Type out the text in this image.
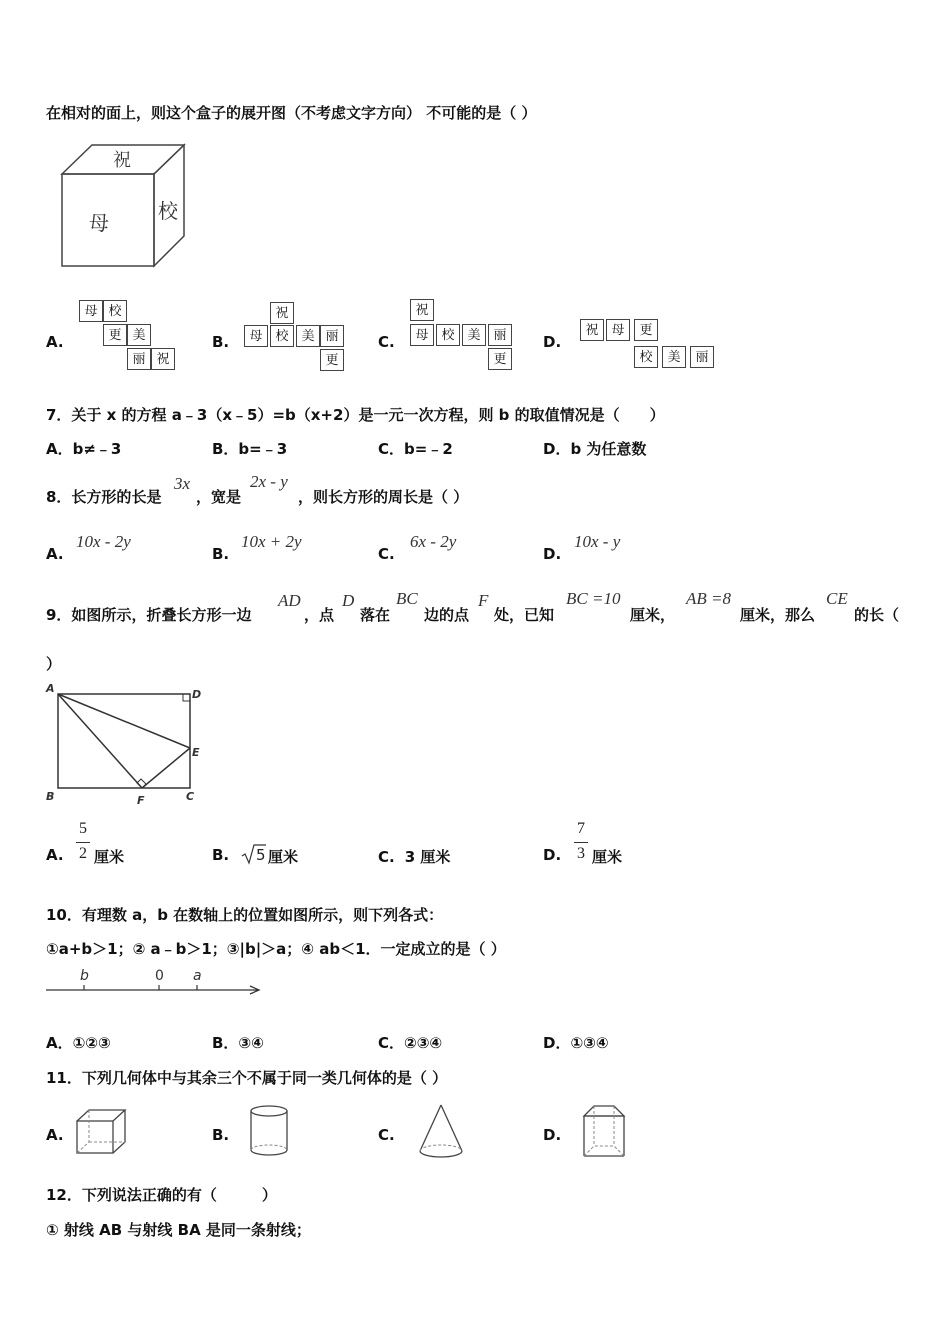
在相对的面上，则这个盒子的展开图（不考虑文字方向） 不可能的是（ ）
祝
母 校
A.
母 校
更 美
丽 祝
B.
祝
母 校 美 丽
更
C.
祝
母 校 美 丽
更
D.
祝 母	更
校	美	丽
7．关于 x 的方程 a﹣3（x﹣5）=b（x+2）是一元一次方程，则 b 的取值情况是（　　）
A．b≠﹣3	B．b=﹣3	C．b=﹣2	D．b 为任意数
8．长方形的长是
3x
，宽是
2x - y
，则长方形的周长是（ ）
A.
10x - 2y
B.
10x + 2y
C.
6x - 2y
D.
10x - y
9．如图所示，折叠长方形一边
AD
，点
D
落在
BC
边的点
F
处，已知
BC =10
厘米，
AB =8
厘米，那么
CE
的长（
）
A	D
E
B	F	C
A.
5
2 厘米	B. 5 厘米	C. 3 厘米	D.
7
3 厘米
10．有理数 a，b 在数轴上的位置如图所示，则下列各式：
①a+b＞1；② a﹣b＞1；③|b|＞a；④ ab＜1．一定成立的是（ ）
b	0 a
A．①②③	B．③④	C．②③④	D．①③④
11．下列几何体中与其余三个不属于同一类几何体的是（ ）
A.	B.	C.	D.
12．下列说法正确的有（　　　）
① 射线 AB 与射线 BA 是同一条射线；
